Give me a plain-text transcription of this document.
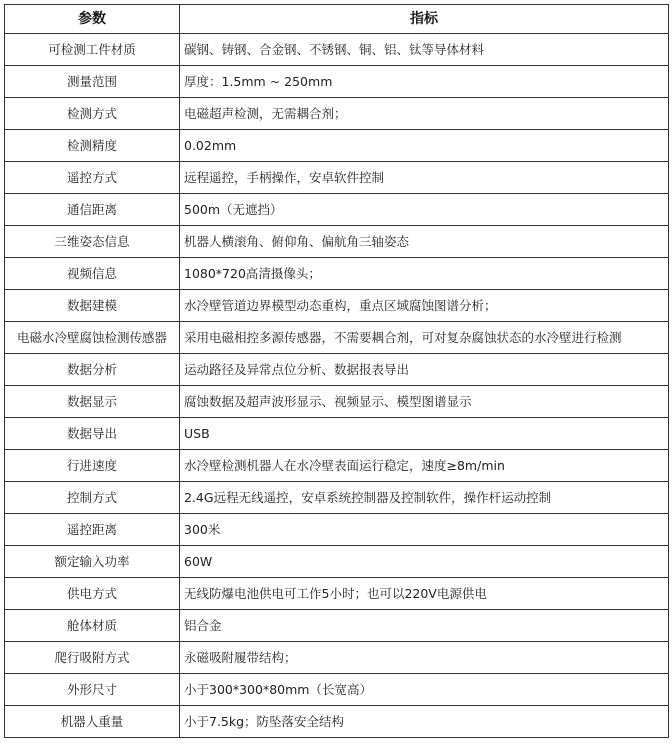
参数	指标
可检测工件材质	碳钢、铸钢、合金钢、不锈钢、铜、铝、钛等导体材料
测量范围	厚度：1.5mm ~ 250mm
检测方式	电磁超声检测，无需耦合剂；
检测精度	0.02mm
遥控方式	远程遥控，手柄操作，安卓软件控制
通信距离	500m（无遮挡）
三维姿态信息	机器人横滚角、俯仰角、偏航角三轴姿态
视频信息	1080*720高清摄像头；
数据建模	水冷壁管道边界模型动态重构，重点区域腐蚀图谱分析；
电磁水冷壁腐蚀检测传感器	采用电磁相控多源传感器，不需要耦合剂，可对复杂腐蚀状态的水冷壁进行检测
数据分析	运动路径及异常点位分析、数据报表导出
数据显示	腐蚀数据及超声波形显示、视频显示、模型图谱显示
数据导出	USB
行进速度	水冷壁检测机器人在水冷壁表面运行稳定，速度≥8m/min
控制方式	2.4G远程无线遥控，安卓系统控制器及控制软件，操作杆运动控制
遥控距离	300米
额定输入功率	60W
供电方式	无线防爆电池供电可工作5小时；也可以220V电源供电
舱体材质	铝合金
爬行吸附方式	永磁吸附履带结构；
外形尺寸	小于300*300*80mm（长宽高）
机器人重量	小于7.5kg；防坠落安全结构
